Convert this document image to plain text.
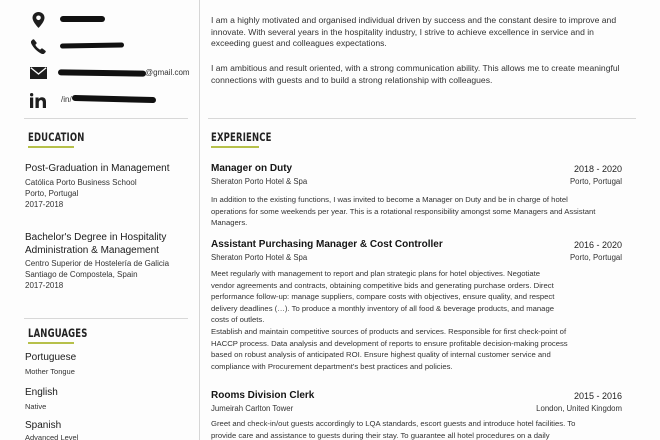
@gmail.com
/in/
EDUCATION
Post-Graduation in Management
Católica Porto Business School
Porto, Portugal
2017-2018
Bachelor's Degree in Hospitality
Administration & Management
Centro Superior de Hostelería de Galicia
Santiago de Compostela, Spain
2017-2018
LANGUAGES
Portuguese
Mother Tongue
English
Native
Spanish
Advanced Level
I am a highly motivated and organised individual driven by success and the constant desire to improve and innovate. With several years in the hospitality industry, I strive to achieve excellence in service and in exceeding guest and colleagues expectations.
I am ambitious and result oriented, with a strong communication ability. This allows me to create meaningful connections with guests and to build a strong relationship with colleagues.
EXPERIENCE
Manager on Duty	2018 - 2020
Sheraton Porto Hotel & Spa	Porto, Portugal
In addition to the existing functions, I was invited to become a Manager on Duty and be in charge of hotel
operations for some weekends per year. This is a rotational responsibility amongst some Managers and Assistant
Managers.
Assistant Purchasing Manager & Cost Controller	2016 - 2020
Sheraton Porto Hotel & Spa	Porto, Portugal
Meet regularly with management to report and plan strategic plans for hotel objectives. Negotiate
vendor agreements and contracts, obtaining competitive bids and generating purchase orders. Direct
performance follow-up: manage suppliers, compare costs with objectives, ensure quality, and respect
delivery deadlines (…). To produce a monthly inventory of all food & beverage products, and manage
costs of outlets.
Establish and maintain competitive sources of products and services. Responsible for first check-point of
HACCP process. Data analysis and development of reports to ensure profitable decision-making process
based on robust analysis of anticipated ROI. Ensure highest quality of internal customer service and
compliance with Procurement department's best practices and policies.
Rooms Division Clerk	2015 - 2016
Jumeirah Carlton Tower	London, United Kingdom
Greet and check-in/out guests accordingly to LQA standards, escort guests and introduce hotel facilities. To
provide care and assistance to guests during their stay. To guarantee all hotel procedures on a daily
